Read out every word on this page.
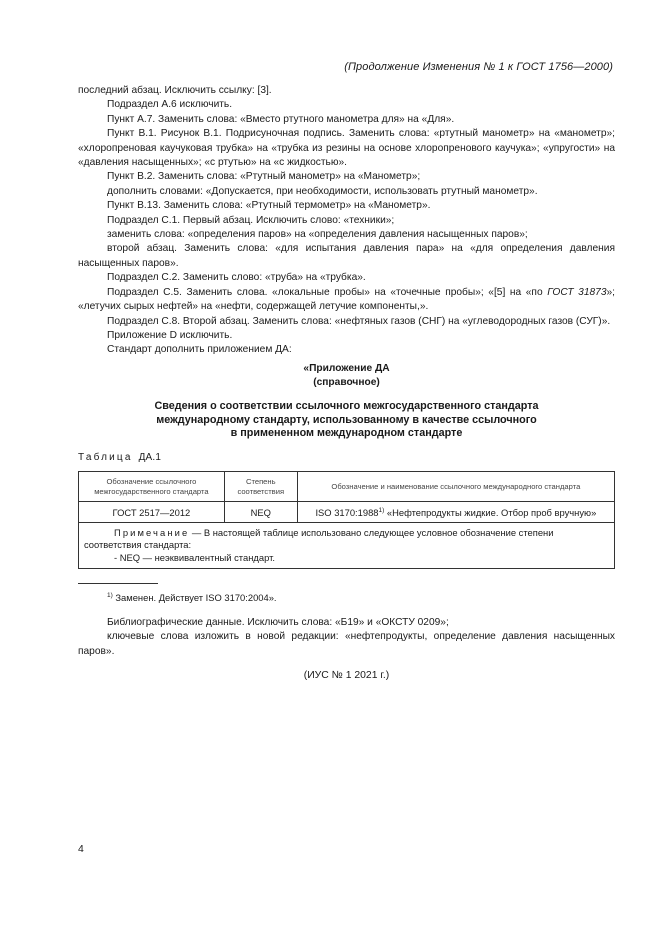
(Продолжение Изменения № 1 к ГОСТ 1756—2000)

последний абзац. Исключить ссылку: [3].

Подраздел А.6 исключить.

Пункт А.7. Заменить слова: «Вместо ртутного манометра для» на «Для».

Пункт В.1. Рисунок В.1. Подрисуночная подпись. Заменить слова: «ртутный манометр» на «манометр»; «хлоропреновая каучуковая трубка» на «трубка из резины на основе хлоропренового каучука»; «упругости» на «давления насыщенных»; «с ртутью» на «с жидкостью».

Пункт В.2. Заменить слова: «Ртутный манометр» на «Манометр»;

дополнить словами: «Допускается, при необходимости, использовать ртутный манометр».

Пункт В.13. Заменить слова: «Ртутный термометр» на «Манометр».

Подраздел С.1. Первый абзац. Исключить слово: «техники»;

заменить слова: «определения паров» на «определения давления насыщенных паров»;

второй абзац. Заменить слова: «для испытания давления пара» на «для определения давления насыщенных паров».

Подраздел С.2. Заменить слово: «труба» на «трубка».

Подраздел С.5. Заменить слова. «локальные пробы» на «точечные пробы»; «[5] на «по ГОСТ 31873»; «летучих сырых нефтей» на «нефти, содержащей летучие компоненты,».

Подраздел С.8. Второй абзац. Заменить слова: «нефтяных газов (СНГ) на «углеводородных газов (СУГ)».

Приложение D исключить.

Стандарт дополнить приложением ДА:

«Приложение ДА
(справочное)
Сведения о соответствии ссылочного межгосударственного стандарта
международному стандарту, использованному в качестве ссылочного
в примененном международном стандарте
Таблица ДА.1
Обозначение ссылочного межгосударственного стандарта	Степень соответствия	Обозначение и наименование ссылочного международного стандарта
ГОСТ 2517—2012	NEQ	ISO 3170:1988$^{1)}$ «Нефтепродукты жидкие. Отбор проб вручную»

Примечание — В настоящей таблице использовано следующее условное обозначение степени соответствия стандарта:
- NEQ — неэквивалентный стандарт.		
$^{1)}$ Заменен. Действует ISO 3170:2004».

Библиографические данные. Исключить слова: «Б19» и «ОКСТУ 0209»;

ключевые слова изложить в новой редакции: «нефтепродукты, определение давления насыщенных паров».

(ИУС № 1 2021 г.)
4
